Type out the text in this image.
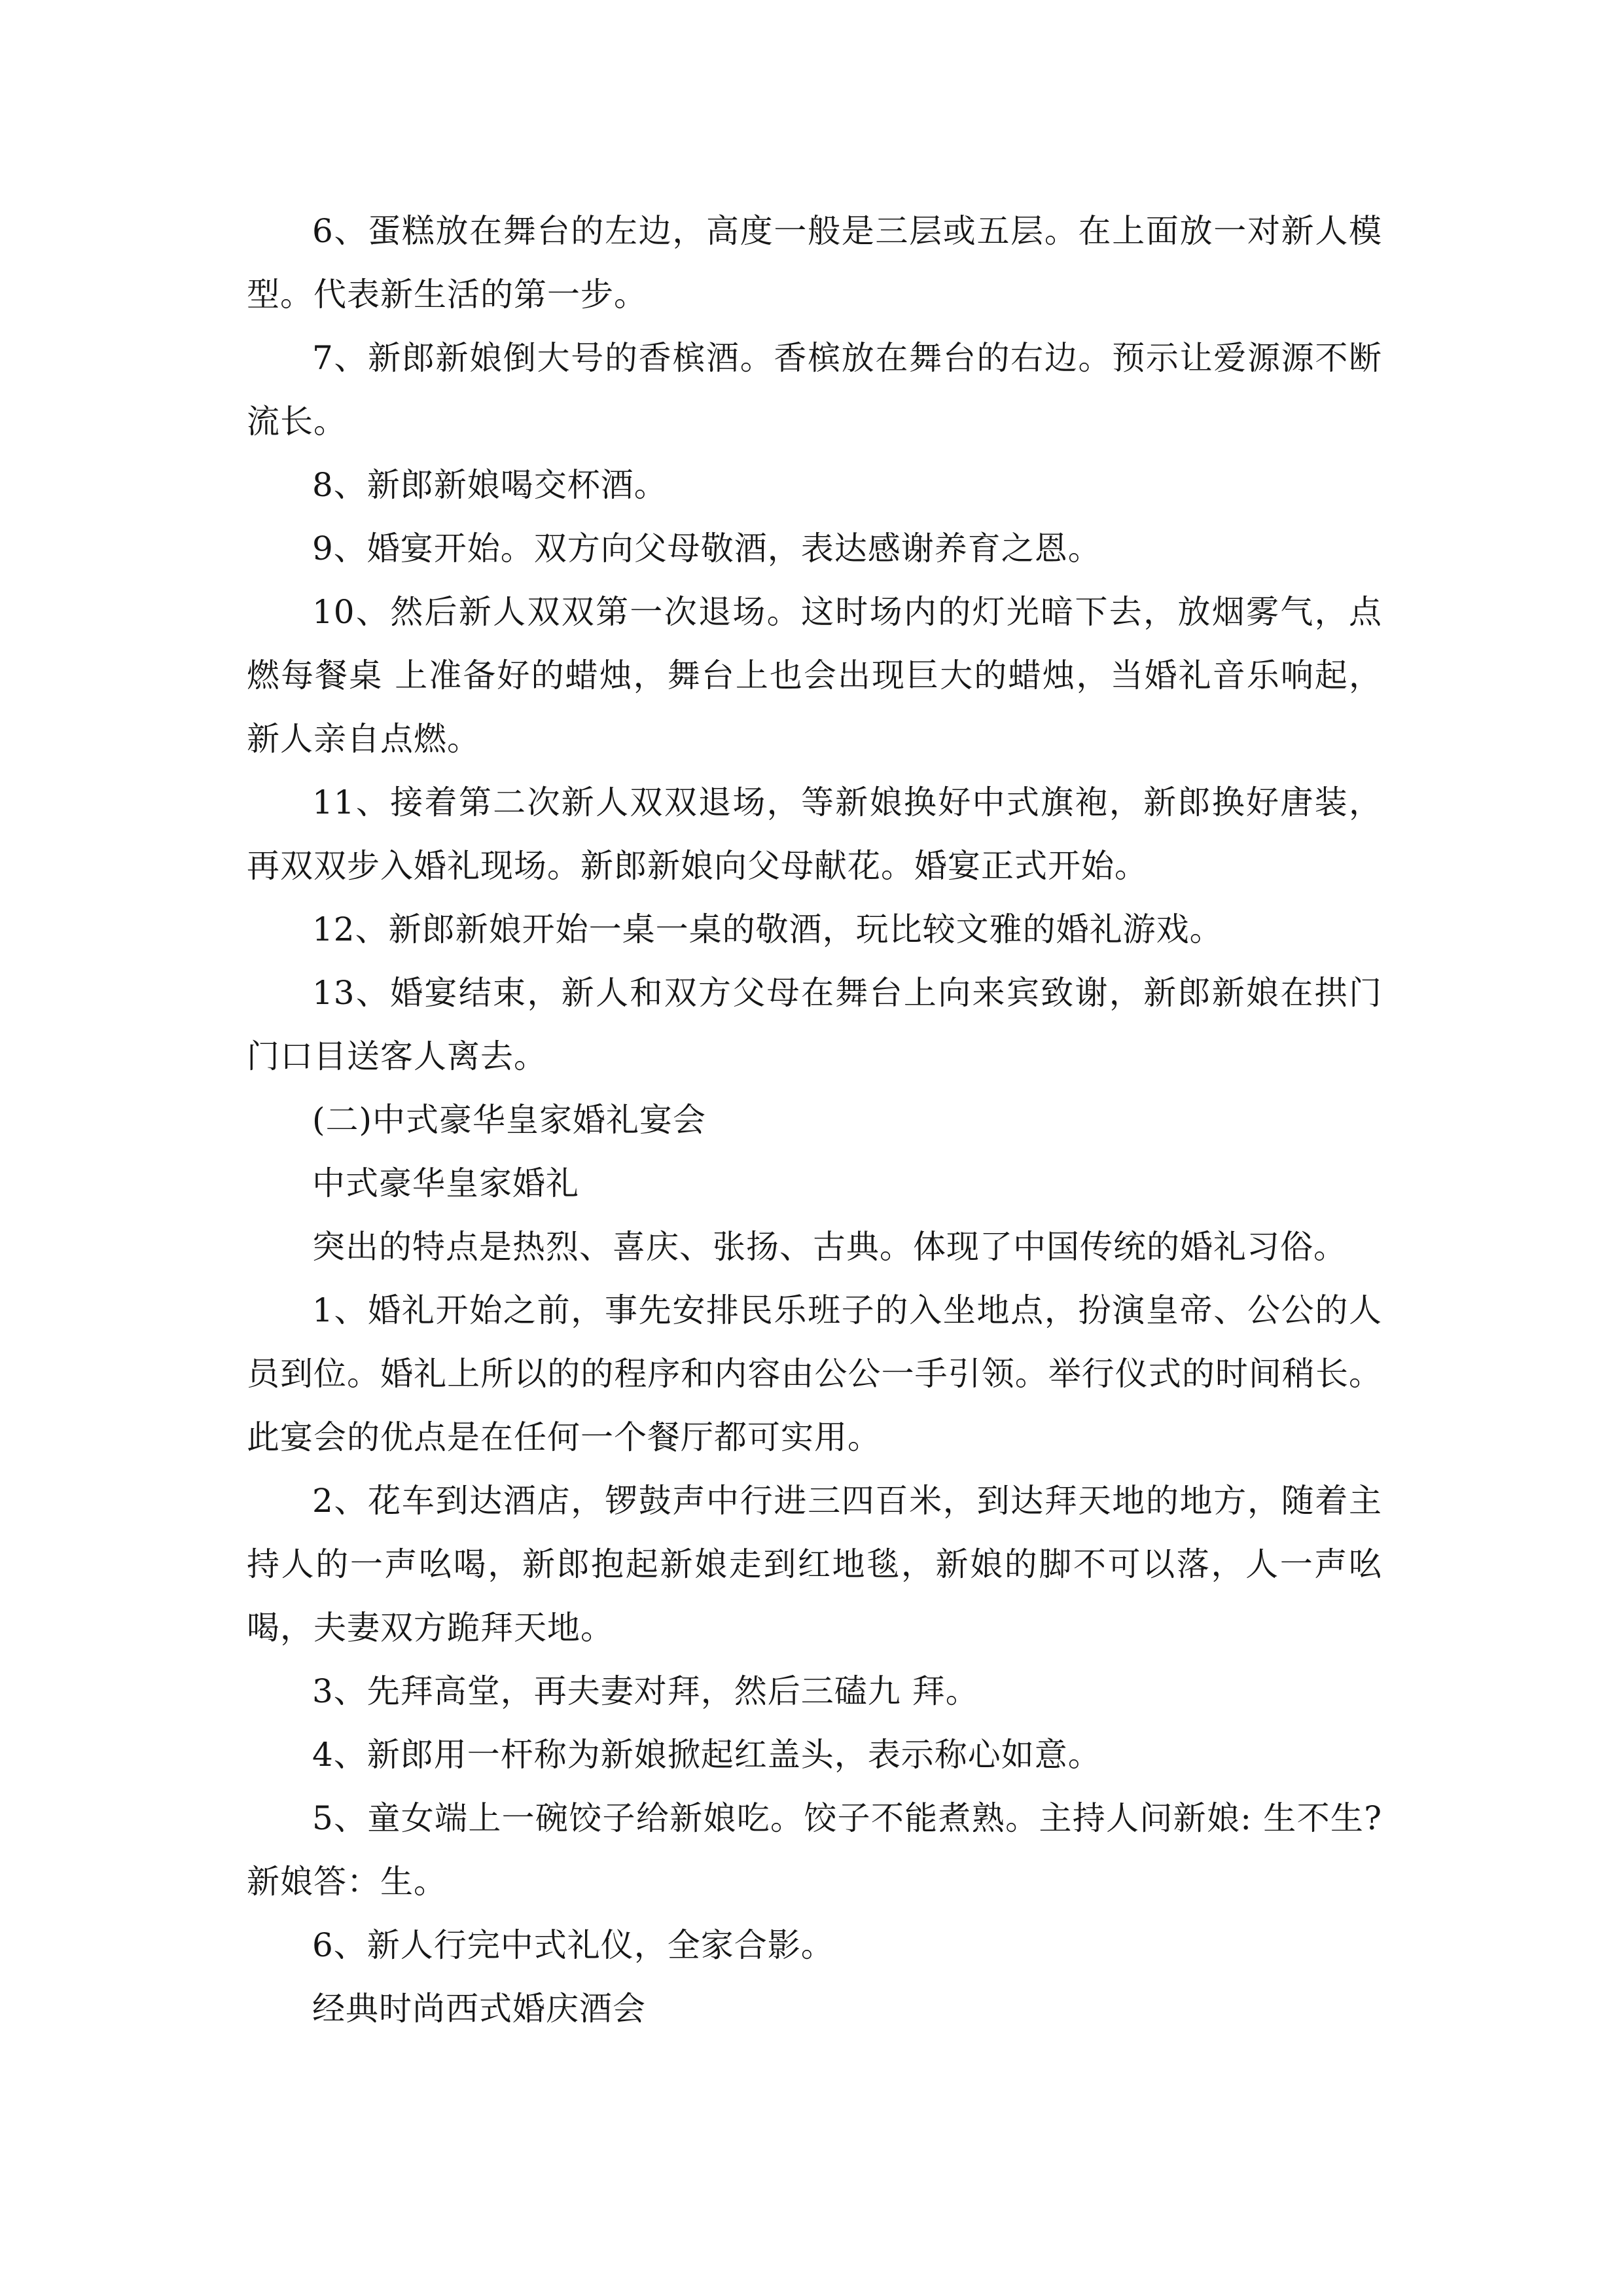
6、蛋糕放在舞台的左边，高度一般是三层或五层。在上面放一对新人模型。代表新生活的第一步。

7、新郎新娘倒大号的香槟酒。香槟放在舞台的右边。预示让爱源源不断流长。

8、新郎新娘喝交杯酒。

9、婚宴开始。双方向父母敬酒，表达感谢养育之恩。

10、然后新人双双第一次退场。这时场内的灯光暗下去，放烟雾气，点燃每餐桌 上准备好的蜡烛，舞台上也会出现巨大的蜡烛，当婚礼音乐响起，新人亲自点燃。

11、接着第二次新人双双退场，等新娘换好中式旗袍，新郎换好唐装，再双双步入婚礼现场。新郎新娘向父母献花。婚宴正式开始。

12、新郎新娘开始一桌一桌的敬酒，玩比较文雅的婚礼游戏。

13、婚宴结束，新人和双方父母在舞台上向来宾致谢，新郎新娘在拱门门口目送客人离去。

(二)中式豪华皇家婚礼宴会

中式豪华皇家婚礼

突出的特点是热烈、喜庆、张扬、古典。体现了中国传统的婚礼习俗。

1、婚礼开始之前，事先安排民乐班子的入坐地点，扮演皇帝、公公的人员到位。婚礼上所以的的程序和内容由公公一手引领。举行仪式的时间稍长。此宴会的优点是在任何一个餐厅都可实用。

2、花车到达酒店，锣鼓声中行进三四百米，到达拜天地的地方，随着主持人的一声吆喝，新郎抱起新娘走到红地毯，新娘的脚不可以落，人一声吆喝，夫妻双方跪拜天地。

3、先拜高堂，再夫妻对拜，然后三磕九 拜。

4、新郎用一杆称为新娘掀起红盖头，表示称心如意。

5、童女端上一碗饺子给新娘吃。饺子不能煮熟。主持人问新娘: 生不生?新娘答：生。

6、新人行完中式礼仪，全家合影。

经典时尚西式婚庆酒会
